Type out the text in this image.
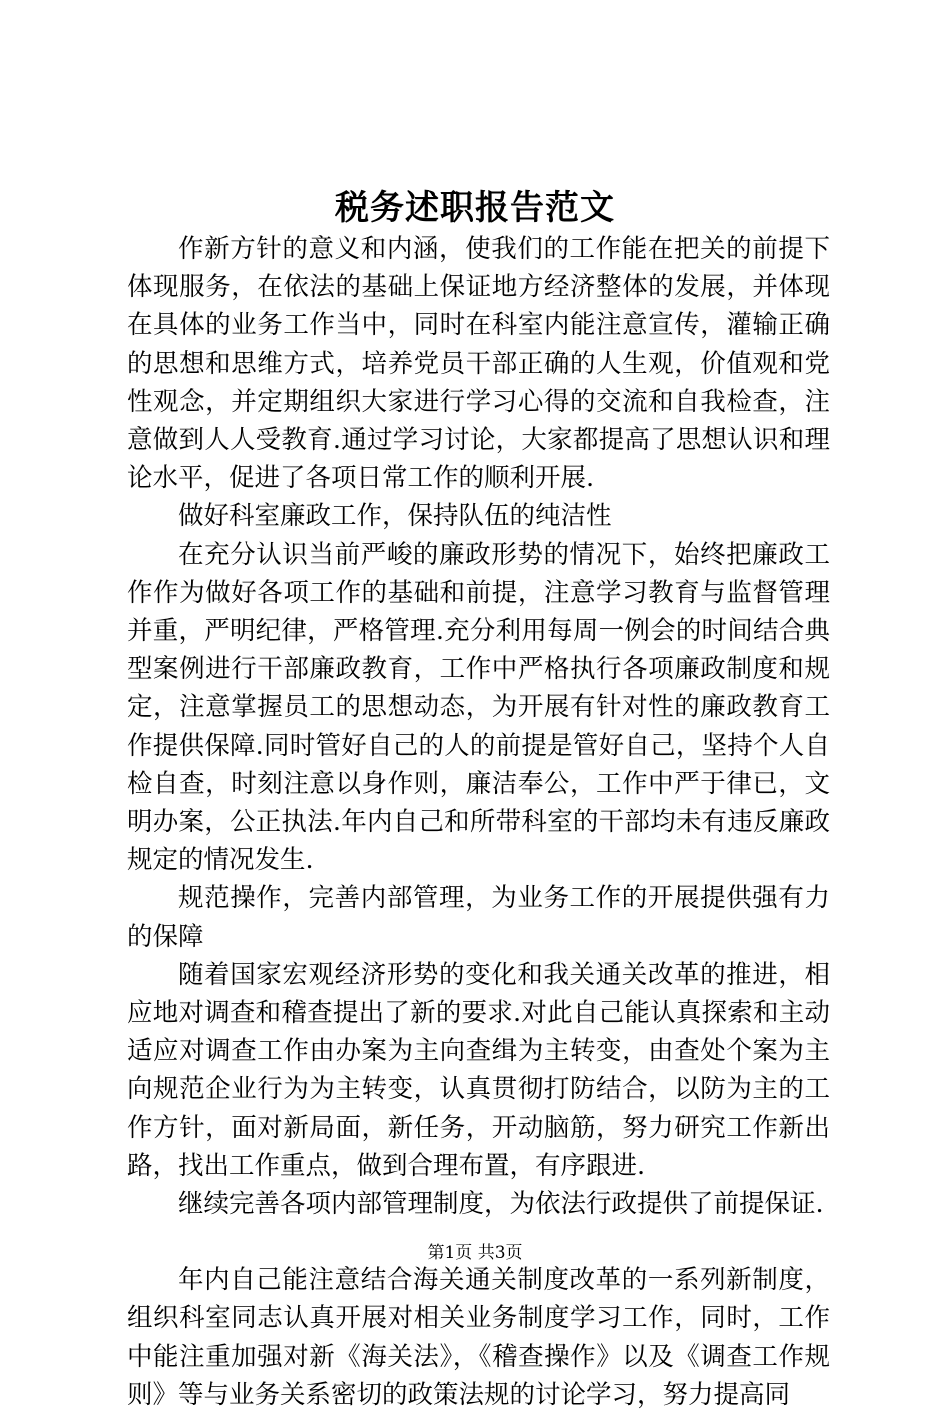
税务述职报告范文

作新方针的意义和内涵，使我们的工作能在把关的前提下体现服务，在依法的基础上保证地方经济整体的发展，并体现在具体的业务工作当中，同时在科室内能注意宣传，灌输正确的思想和思维方式，培养党员干部正确的人生观，价值观和党性观念，并定期组织大家进行学习心得的交流和自我检查，注意做到人人受教育.通过学习讨论，大家都提高了思想认识和理论水平，促进了各项日常工作的顺利开展.

做好科室廉政工作，保持队伍的纯洁性

在充分认识当前严峻的廉政形势的情况下，始终把廉政工作作为做好各项工作的基础和前提，注意学习教育与监督管理并重，严明纪律，严格管理.充分利用每周一例会的时间结合典型案例进行干部廉政教育，工作中严格执行各项廉政制度和规定，注意掌握员工的思想动态，为开展有针对性的廉政教育工作提供保障.同时管好自己的人的前提是管好自己，坚持个人自检自查，时刻注意以身作则，廉洁奉公，工作中严于律已，文明办案，公正执法.年内自己和所带科室的干部均未有违反廉政规定的情况发生.

规范操作，完善内部管理，为业务工作的开展提供强有力的保障

随着国家宏观经济形势的变化和我关通关改革的推进，相应地对调查和稽查提出了新的要求.对此自己能认真探索和主动适应对调查工作由办案为主向查缉为主转变，由查处个案为主向规范企业行为为主转变，认真贯彻打防结合，以防为主的工作方针，面对新局面，新任务，开动脑筋，努力研究工作新出路，找出工作重点，做到合理布置，有序跟进.

继续完善各项内部管理制度，为依法行政提供了前提保证.

年内自己能注意结合海关通关制度改革的一系列新制度，组织科室同志认真开展对相关业务制度学习工作，同时，工作中能注重加强对新《海关法》，《稽查操作》以及《调查工作规则》等与业务关系密切的政策法规的讨论学习，努力提高同

第1页 共3页
